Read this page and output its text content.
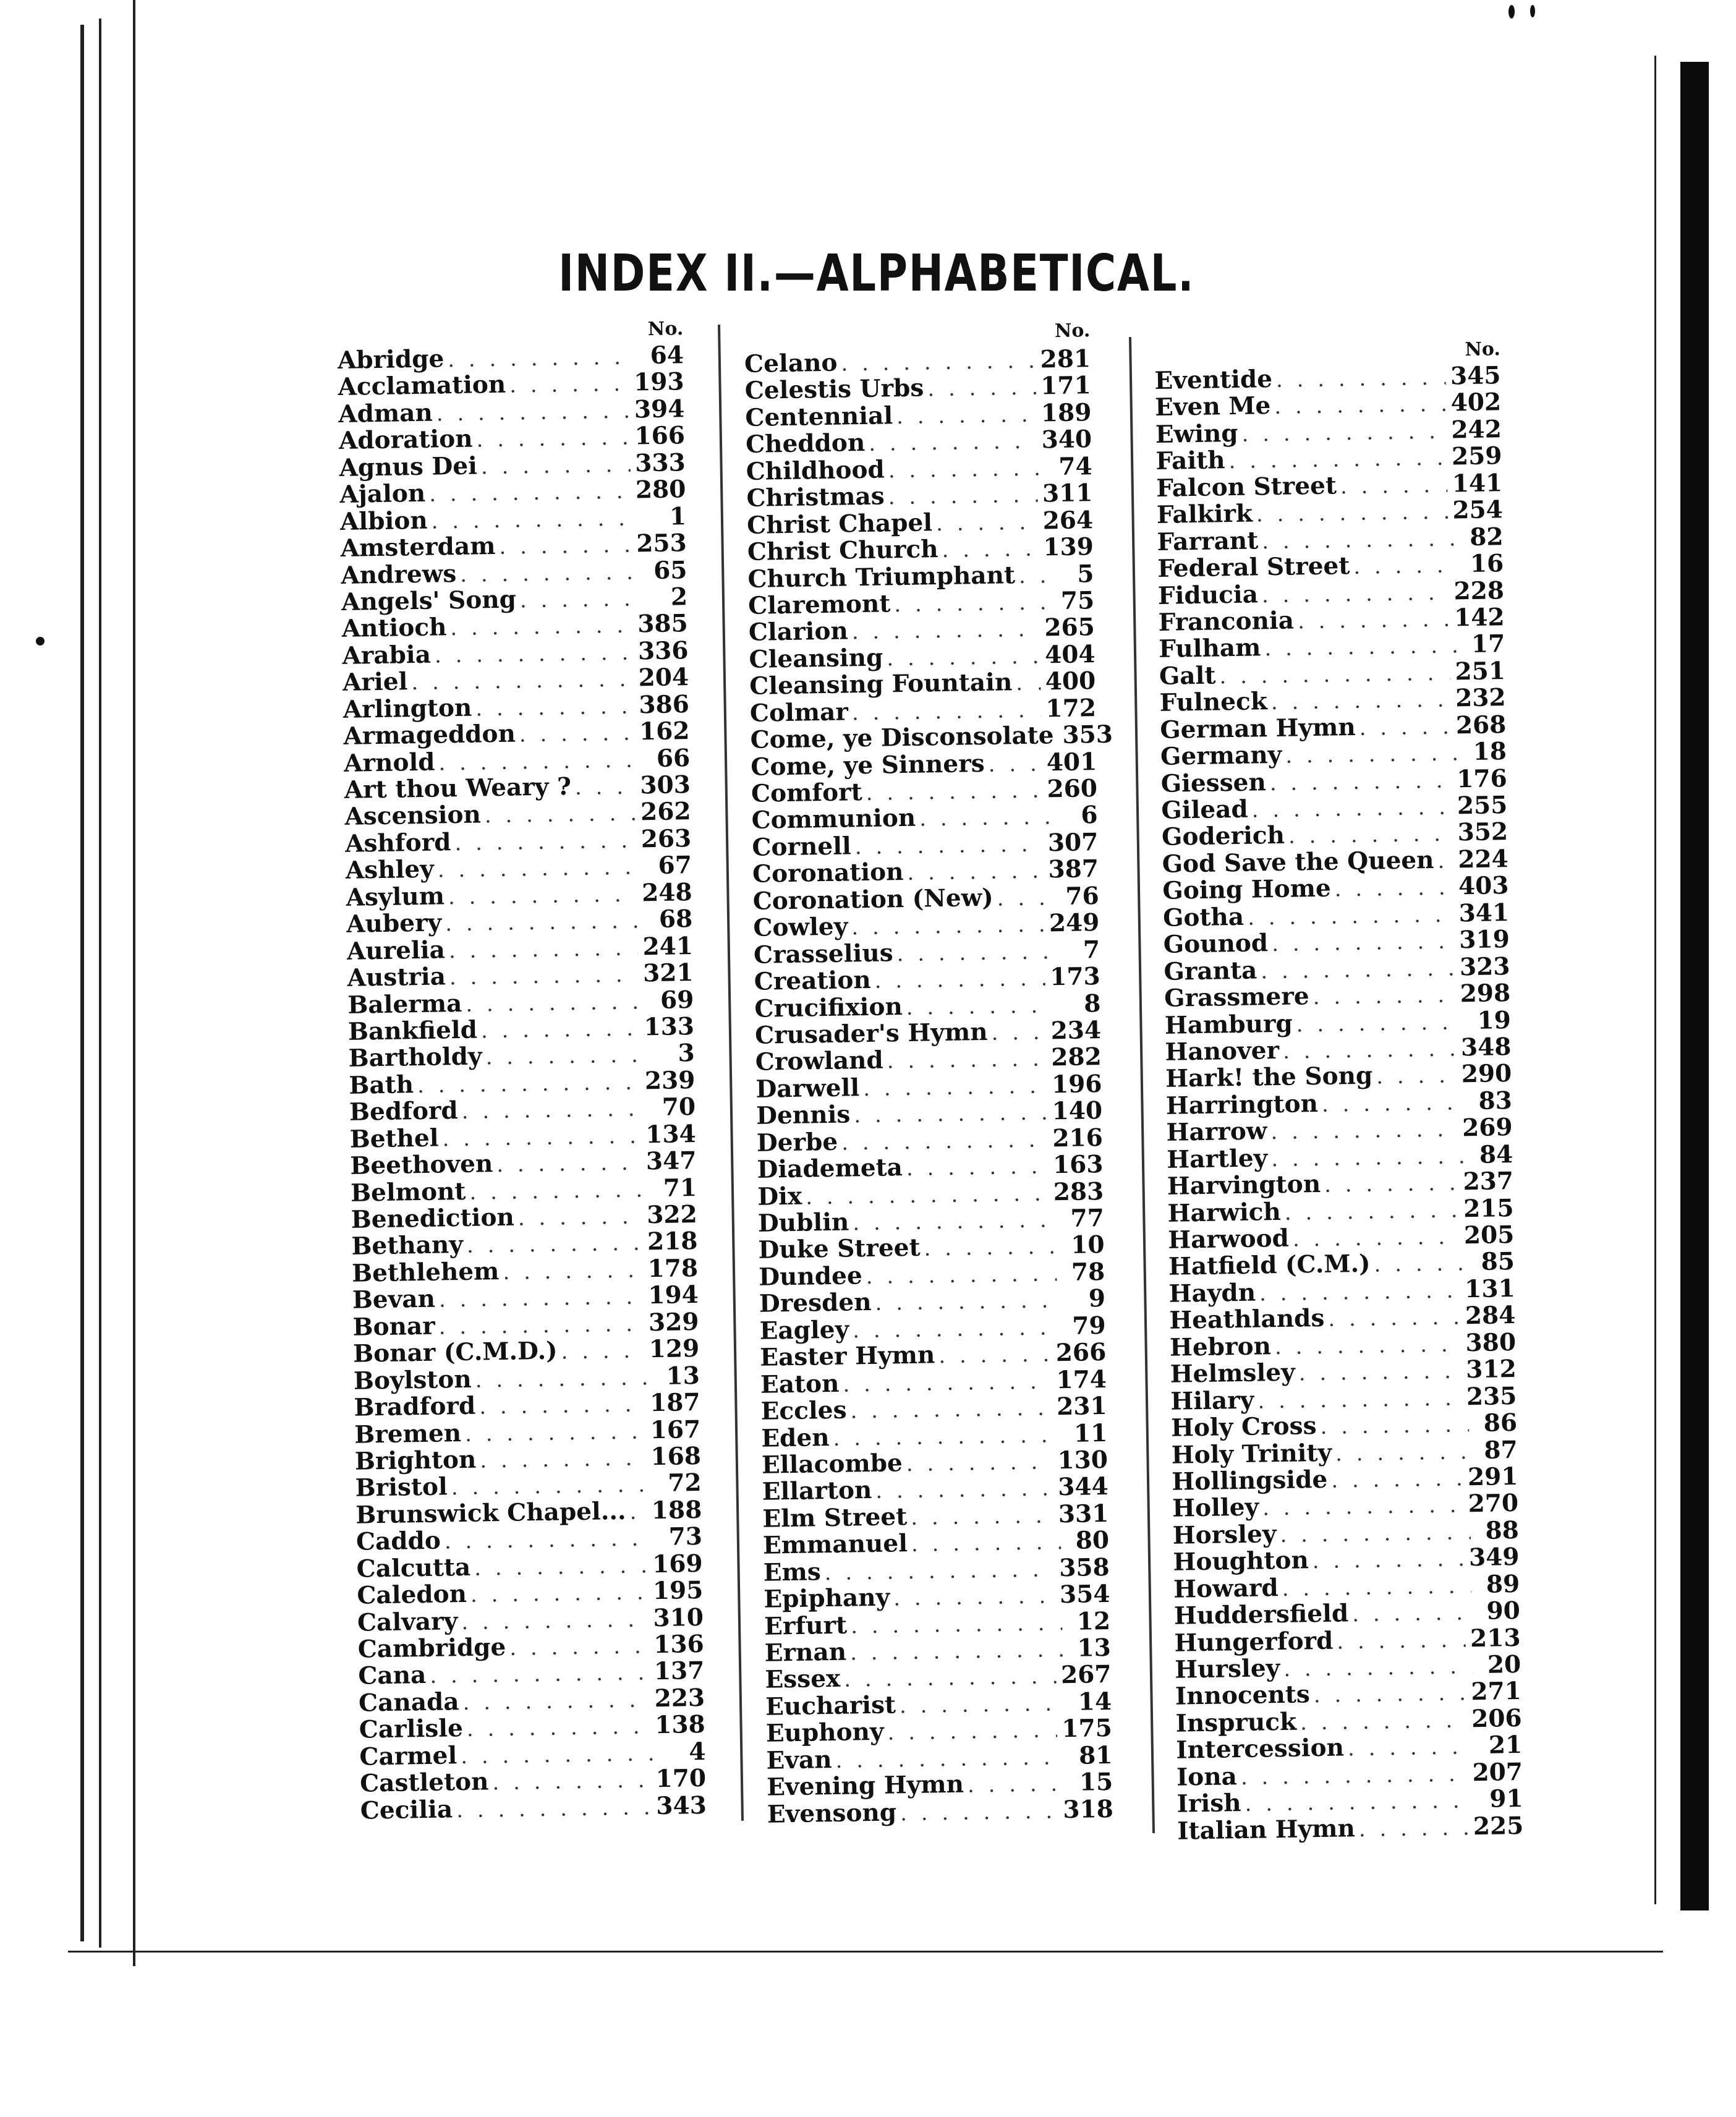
INDEX II.—ALPHABETICAL.
No.
Abridge . . .	64
Acclamation . . .	193
Adman . . .	394
Adoration . . .	166
Agnus Dei . . .	333
Ajalon . . .	280
Albion . . .	1
Amsterdam . . .	253
Andrews . . .	65
Angels' Song . . .	2
Antioch . . .	385
Arabia . . .	336
Ariel . . .	204
Arlington . . .	386
Armageddon . . .	162
Arnold . . .	66
Art thou Weary ? . . .	303
Ascension . . .	262
Ashford . . .	263
Ashley . . .	67
Asylum . . .	248
Aubery . . .	68
Aurelia . . .	241
Austria . . .	321
Balerma . . .	69
Bankfield . . .	133
Bartholdy . . .	3
Bath . . .	239
Bedford . . .	70
Bethel . . .	134
Beethoven . . .	347
Belmont . . .	71
Benediction . . .	322
Bethany . . .	218
Bethlehem . . .	178
Bevan . . .	194
Bonar . . .	329
Bonar (C.M.D.) . . .	129
Boylston . . .	13
Bradford . . .	187
Bremen . . .	167
Brighton . . .	168
Bristol . . .	72
Brunswick Chapel... . . . 188
Caddo . . .	73
Calcutta . . .	169
Caledon . . .	195
Calvary . . .	310
Cambridge . . .	136
Cana . . .	137
Canada . . .	223
Carlisle . . .	138
Carmel . . .	4
Castleton . . .	170
Cecilia . . .	343
No.
Celano . . .	281
Celestis Urbs . . .	171
Centennial . . .	189
Cheddon . . .	340
Childhood . . .	74
Christmas . . .	311
Christ Chapel . . .	264
Christ Church . . .	139
Church Triumphant . . .	5
Claremont . . .	75
Clarion . . .	265
Cleansing . . .	404
Cleansing Fountain . . . 400
Colmar . . .	172
Come, ye Disconsolate . . . 353
Come, ye Sinners . . .	401
Comfort . . .	260
Communion . . .	6
Cornell . . .	307
Coronation . . .	387
Coronation (New) . . .	76
Cowley . . .	249
Crasselius . . .	7
Creation . . .	173
Crucifixion . . .	8
Crusader's Hymn . . .	234
Crowland . . .	282
Darwell . . .	196
Dennis . . .	140
Derbe . . .	216
Diademeta . . .	163
Dix . . .	283
Dublin . . .	77
Duke Street . . .	10
Dundee . . .	78
Dresden . . .	9
Eagley . . .	79
Easter Hymn . . .	266
Eaton . . .	174
Eccles . . .	231
Eden . . .	11
Ellacombe . . .	130
Ellarton . . .	344
Elm Street . . .	331
Emmanuel . . .	80
Ems . . .	358
Epiphany . . .	354
Erfurt . . .	12
Ernan . . .	13
Essex . . .	267
Eucharist . . .	14
Euphony . . .	175
Evan . . .	81
Evening Hymn . . .	15
Evensong . . .	318
No.
Eventide . . .	345
Even Me . . .	402
Ewing . . .	242
Faith . . .	259
Falcon Street . . .	141
Falkirk . . .	254
Farrant . . .	82
Federal Street . . .	16
Fiducia . . .	228
Franconia . . .	142
Fulham . . .	17
Galt . . .	251
Fulneck . . .	232
German Hymn . . .	268
Germany . . .	18
Giessen . . .	176
Gilead . . .	255
Goderich . . .	352
God Save the Queen . . . 224
Going Home . . .	403
Gotha . . .	341
Gounod . . .	319
Granta . . .	323
Grassmere . . .	298
Hamburg . . .	19
Hanover . . .	348
Hark! the Song . . .	290
Harrington . . .	83
Harrow . . .	269
Hartley . . .	84
Harvington . . .	237
Harwich . . .	215
Harwood . . .	205
Hatfield (C.M.) . . .	85
Haydn . . .	131
Heathlands . . .	284
Hebron . . .	380
Helmsley . . .	312
Hilary . . .	235
Holy Cross . . .	86
Holy Trinity . . .	87
Hollingside . . .	291
Holley . . .	270
Horsley . . .	88
Houghton . . .	349
Howard . . .	89
Huddersfield . . .	90
Hungerford . . .	213
Hursley . . .	20
Innocents . . .	271
Inspruck . . .	206
Intercession . . .	21
Iona . . .	207
Irish . . .	91
Italian Hymn . . .	225
